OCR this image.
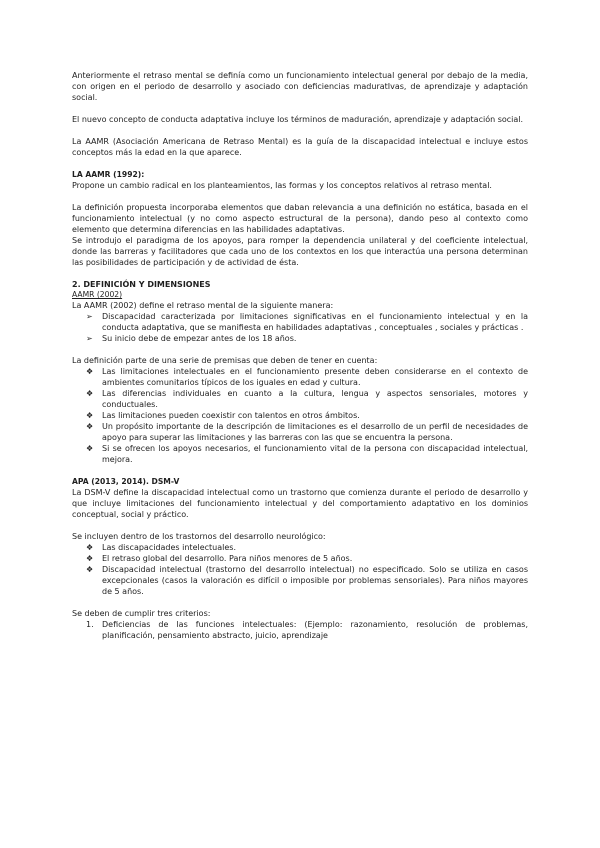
Anteriormente el retraso mental se definía como un funcionamiento intelectual general por debajo de la media, con origen en el periodo de desarrollo y asociado con deficiencias maduratIvas, de aprendizaje y adaptación social.

El nuevo concepto de conducta adaptativa incluye los términos de maduración, aprendizaje y adaptación social.

La AAMR (Asociación Americana de Retraso Mental) es la guía de la discapacidad intelectual e incluye estos conceptos más la edad en la que aparece.

LA AAMR (1992):

Propone un cambio radical en los planteamientos, las formas y los conceptos relativos al retraso mental.

La definición propuesta incorporaba elementos que daban relevancia a una definición no estática, basada en el funcionamiento intelectual (y no como aspecto estructural de la persona), dando peso al contexto como elemento que determina diferencias en las habilidades adaptativas.

Se introdujo el paradigma de los apoyos, para romper la dependencia unilateral y del coeficiente intelectual, donde las barreras y facilitadores que cada uno de los contextos en los que interactúa una persona determinan las posibilidades de participación y de actividad de ésta.

2. DEFINICIÓN Y DIMENSIONES

AAMR (2002)

La AAMR (2002) define el retraso mental de la siguiente manera:

➢ Discapacidad caracterizada por limitaciones significativas en el funcionamiento intelectual y en la conducta adaptativa, que se manifiesta en habilidades adaptativas , conceptuales , sociales y prácticas .
➢ Su inicio debe de empezar antes de los 18 años.

La definición parte de una serie de premisas que deben de tener en cuenta:

❖ Las limitaciones intelectuales en el funcionamiento presente deben considerarse en el contexto de ambientes comunitarios típicos de los iguales en edad y cultura.
❖ Las diferencias individuales en cuanto a la cultura, lengua y aspectos sensoriales, motores y conductuales.
❖ Las limitaciones pueden coexistir con talentos en otros ámbitos.
❖ Un propósito importante de la descripción de limitaciones es el desarrollo de un perfil de necesidades de apoyo para superar las limitaciones y las barreras con las que se encuentra la persona.
❖ Si se ofrecen los apoyos necesarios, el funcionamiento vital de la persona con discapacidad intelectual, mejora.

APA (2013, 2014). DSM-V

La DSM-V define la discapacidad intelectual como un trastorno que comienza durante el periodo de desarrollo y que incluye limitaciones del funcionamiento intelectual y del comportamiento adaptativo en los dominios conceptual, social y práctico.

Se incluyen dentro de los trastornos del desarrollo neurológico:

❖ Las discapacidades intelectuales.
❖ El retraso global del desarrollo. Para niños menores de 5 años.
❖ Discapacidad intelectual (trastorno del desarrollo intelectual) no especificado. Solo se utiliza en casos excepcionales (casos la valoración es difícil o imposible por problemas sensoriales). Para niños mayores de 5 años.

Se deben de cumplir tres criterios:

1. Deficiencias de las funciones intelectuales: (Ejemplo: razonamiento, resolución de problemas, planificación, pensamiento abstracto, juicio, aprendizaje
